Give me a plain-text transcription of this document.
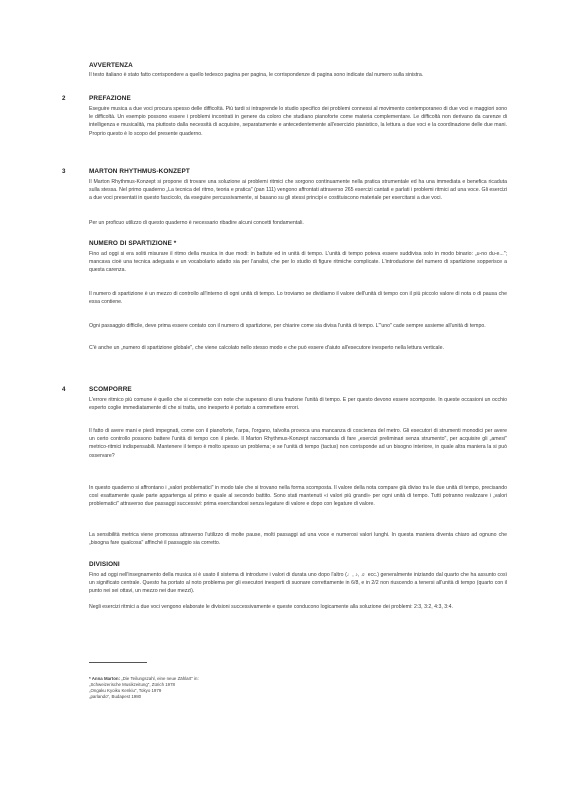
AVVERTENZA

Il testo italiano è stato fatto corrispondere a quello tedesco pagina per pagina, le corrispondenze di pagina sono indicate dal numero sulla sinistra.

2	PREFAZIONE

Eseguire musica a due voci procura spesso delle difficoltà. Più tardi si intraprende lo studio specifico dei problemi connessi al movimento contemporaneo di due voci e maggiori sono le difficoltà. Un esempio possono essere i problemi incontrati in genere da coloro che studiano pianoforte come materia complementare. Le difficoltà non derivano da carenze di intelligenza e musicalità, ma piuttosto dalla necessità di acquisire, separatamente e antecedentemente all'esercizio pianistico, la lettura a due voci e la coordinazione delle due mani. Proprio questo è lo scopo del presente quaderno.

3	MARTON RHYTHMUS-KONZEPT

Il Marton Rhythmus-Konzept si propone di trovare una soluzione ai problemi ritmici che sorgono continuamente nella pratica strumentale ed ha una immediata e benefica ricaduta sulla stessa. Nel primo quaderno „La tecnica del ritmo, teoria e pratica" (pan 111) vengono affrontati attraverso 265 esercizi cantati e parlati i problemi ritmici ad una voce. Gli esercizi a due voci presentati in questo fascicolo, da eseguire percussivamente, si basano su gli stessi principi e costituiscono materiale per esercitarsi a due voci.

Per un proficuo utilizzo di questo quaderno è necessario ribadire alcuni concetti fondamentali.

NUMERO DI SPARTIZIONE *

Fino ad oggi si era soliti misurare il ritmo della musica in due modi: in battute ed in unità di tempo. L'unità di tempo poteva essere suddivisa solo in modo binario: „u-no du-e..."; mancava cioè una tecnica adeguata e un vocabolario adatto sia per l'analisi, che per lo studio di figure ritmiche complicate. L'introduzione del numero di spartizione sopperisce a questa carenza.

Il numero di spartizione è un mezzo di controllo all'interno di ogni unità di tempo. Lo troviamo se dividiamo il valore dell'unità di tempo con il più piccolo valore di nota o di pausa che essa contiene.

Ogni passaggio difficile, deve prima essere contato con il numero di spartizione, per chiarire come sia divisa l'unità di tempo. L'"uno" cade sempre assieme all'unità di tempo.

C'è anche un „numero di spartizione globale", che viene calcolato nello stesso modo e che può essere d'aiuto all'esecutore inesperto nella lettura verticale.

4	SCOMPORRE

L'errore ritmico più comune è quello che si commette con note che superano di una frazione l'unità di tempo. E per questo devono essere scomposte. In queste occasioni un occhio esperto coglie immediatamente di che si tratta, uno inesperto è portato a commettere errori.

Il fatto di avere mani e piedi impegnati, come con il pianoforte, l'arpa, l'organo, talvolta provoca una mancanza di coscienza del metro. Gli esecutori di strumenti monodici per avere un certo controllo possono battere l'unità di tempo con il piede. Il Marton Rhythmus-Konzept raccomanda di fare „esercizi preliminari senza strumento", per acquisire gli „amesi" metrico-ritmici indispensabili. Mantenere il tempo è molto spesso un problema; e se l'unità di tempo (tactus) non corrisponde ad un bisogno interiore, in quale altra maniera la si può osservare?

In questo quaderno si affrontano i „valori problematici" in modo tale che si trovano nella forma scomposta. Il valore della nota compare già diviso tra le due unità di tempo, precisando così esattamente quale parte appartenga al primo e quale al secondo battito. Sono stati mantenuti «i valori più grandi» per ogni unità di tempo. Tutti potranno realizzare i „valori problematici" attraverso due passaggi successivi: prima esercitandosi senza legature di valore e dopo con legature di valore.

La sensibilità metrica viene promossa attraverso l'utilizzo di molte pause, molti passaggi ad una voce e numerosi valori lunghi. In questa maniera diventa chiaro ad ognuno che „bisogna fare qualcosa" affinché il passaggio sia corretto.

DIVISIONI

Fino ad oggi nell'insegnamento della musica si è usato il sistema di introdurre i valori di durata uno dopo l'altro (♩, ♪, ♬ ecc.) generalmente iniziando dal quarto che ha assunto così un significato centrale. Questo ha portato al noto problema per gli esecutori inesperti di suonare correttamente in 6/8, e in 2/2 non riuscendo a tenersi all'unità di tempo (quarto con il punto nei sei ottavi, un mezzo nei due mezzi).

Negli esercizi ritmici a due voci vengono elaborate le divisioni successivamente e queste conducono logicamente alla soluzione dei problemi: 2:3, 3:2, 4:3, 3:4.

* Anna Marton: „Die Teilungszahl, eine neue Zählart" in:
„Schweizerische Musikzeitung", Zürich 1978
„Ongaku Kyoiku Kenkiu", Tokyo 1979
„parlando", Budapest 1980
